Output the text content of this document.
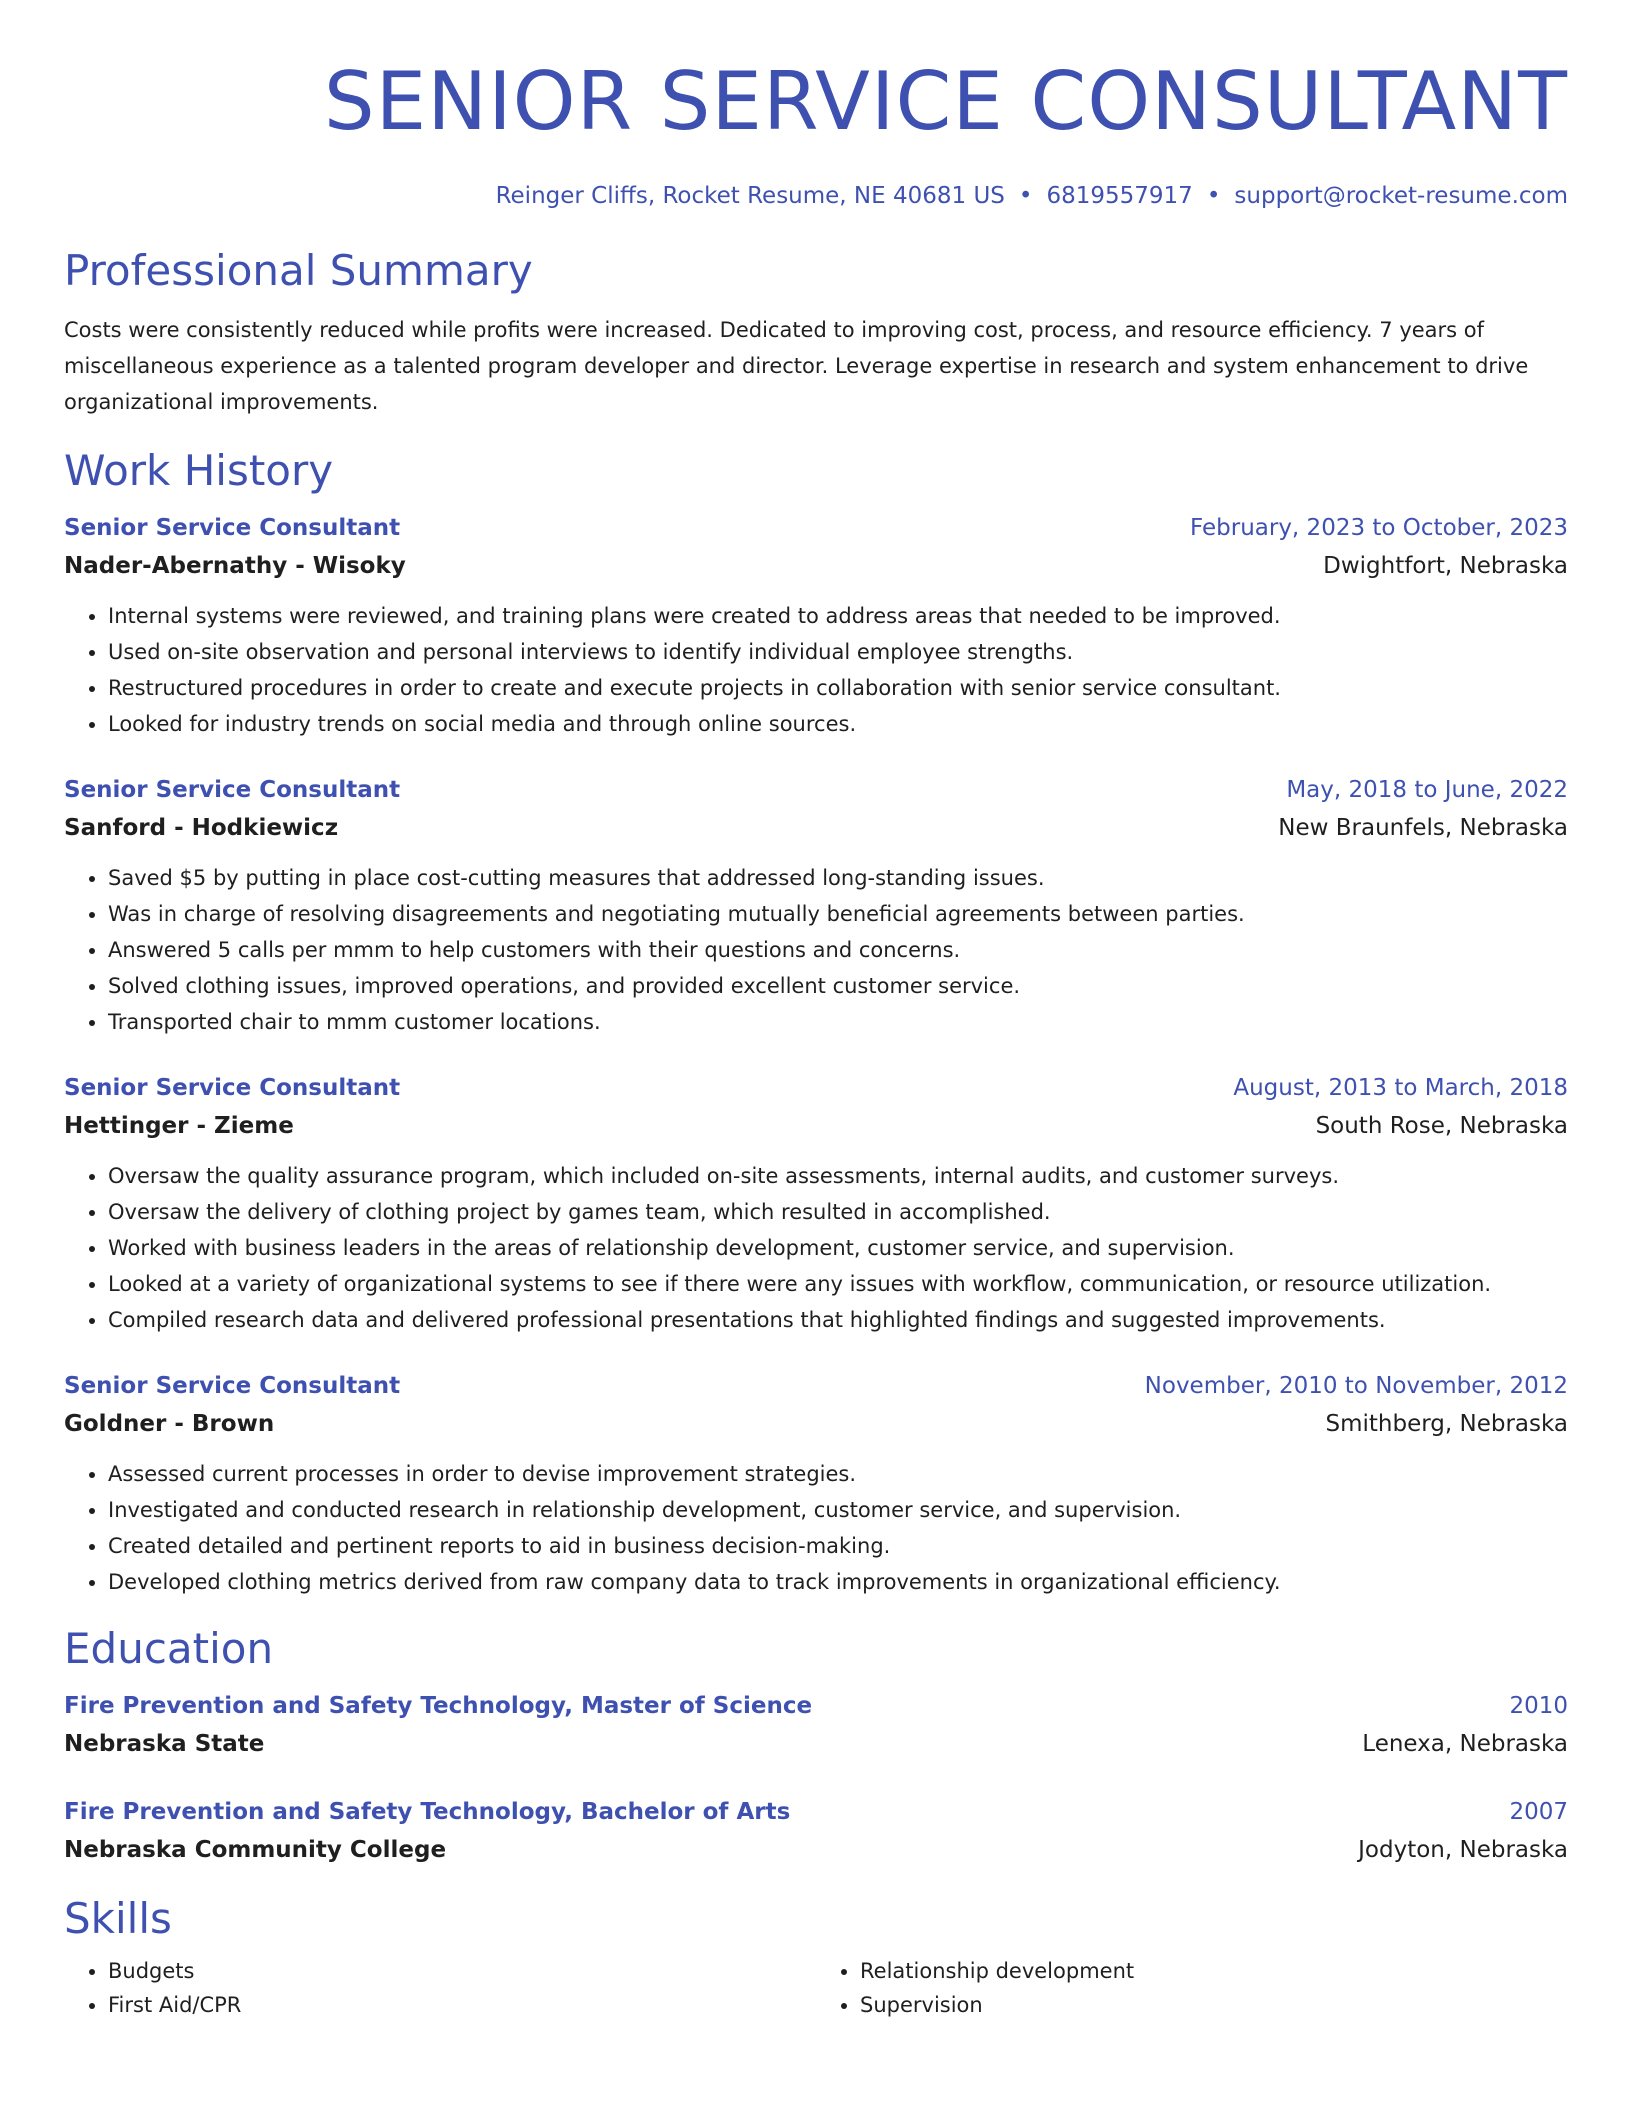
SENIOR SERVICE CONSULTANT
Reinger Cliffs, Rocket Resume, NE 40681 US • 6819557917 • support@rocket-resume.com
Professional Summary
Costs were consistently reduced while profits were increased. Dedicated to improving cost, process, and resource efficiency. 7 years of miscellaneous experience as a talented program developer and director. Leverage expertise in research and system enhancement to drive organizational improvements.
Work History
Senior Service Consultant	February, 2023 to October, 2023
Nader-Abernathy - Wisoky	Dwightfort, Nebraska
• Internal systems were reviewed, and training plans were created to address areas that needed to be improved.
• Used on-site observation and personal interviews to identify individual employee strengths.
• Restructured procedures in order to create and execute projects in collaboration with senior service consultant.
• Looked for industry trends on social media and through online sources.
Senior Service Consultant	May, 2018 to June, 2022
Sanford - Hodkiewicz	New Braunfels, Nebraska
• Saved $5 by putting in place cost-cutting measures that addressed long-standing issues.
• Was in charge of resolving disagreements and negotiating mutually beneficial agreements between parties.
• Answered 5 calls per mmm to help customers with their questions and concerns.
• Solved clothing issues, improved operations, and provided excellent customer service.
• Transported chair to mmm customer locations.
Senior Service Consultant	August, 2013 to March, 2018
Hettinger - Zieme	South Rose, Nebraska
• Oversaw the quality assurance program, which included on-site assessments, internal audits, and customer surveys.
• Oversaw the delivery of clothing project by games team, which resulted in accomplished.
• Worked with business leaders in the areas of relationship development, customer service, and supervision.
• Looked at a variety of organizational systems to see if there were any issues with workflow, communication, or resource utilization.
• Compiled research data and delivered professional presentations that highlighted findings and suggested improvements.
Senior Service Consultant	November, 2010 to November, 2012
Goldner - Brown	Smithberg, Nebraska
• Assessed current processes in order to devise improvement strategies.
• Investigated and conducted research in relationship development, customer service, and supervision.
• Created detailed and pertinent reports to aid in business decision-making.
• Developed clothing metrics derived from raw company data to track improvements in organizational efficiency.
Education
Fire Prevention and Safety Technology, Master of Science	2010
Nebraska State	Lenexa, Nebraska
Fire Prevention and Safety Technology, Bachelor of Arts	2007
Nebraska Community College	Jodyton, Nebraska
Skills
• Budgets
• First Aid/CPR
• Relationship development
• Supervision
